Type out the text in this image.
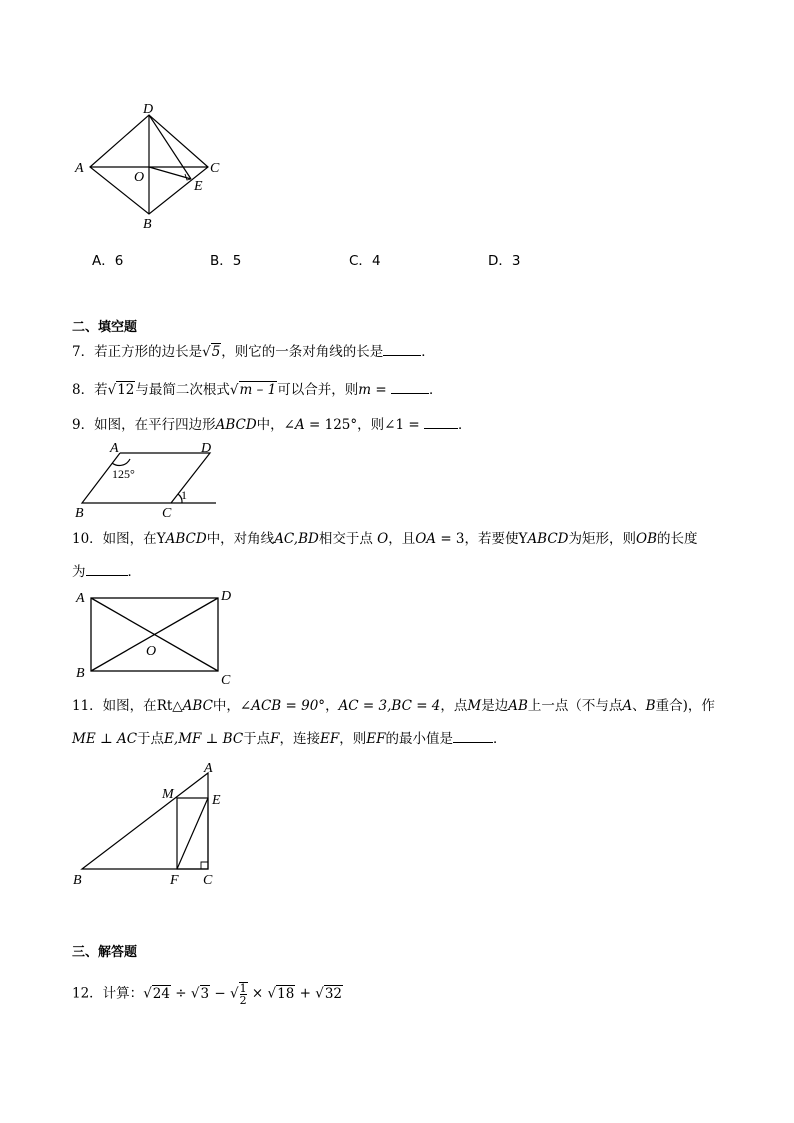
D
A	C
O
E
B
A．6	B．5	C．4	D．3
二、填空题
7．若正方形的边长是√5，则它的一条对角线的长是	．
8．若√12与最简二次根式√m – 1可以合并，则m =	．
9．如图，在平行四边形ABCD中，∠A = 125°，则∠1 =	．
A	D
125°
1
B	C
10．如图，在YABCD中，对角线AC,BD相交于点 O，且OA = 3，若要使YABCD为矩形，则OB的长度
为	．
A	D
O
B	C
11．如图，在Rt△ABC中，∠ACB = 90°，AC = 3,BC = 4，点M是边AB上一点（不与点A、B重合)，作
ME ⊥ AC于点E,MF ⊥ BC于点F，连接EF，则EF的最小值是	．
A
M	E
B	F C
三、解答题
12．计算：√24 ÷ √3 − √ $\frac{1}{2} \times √18 + √32$
